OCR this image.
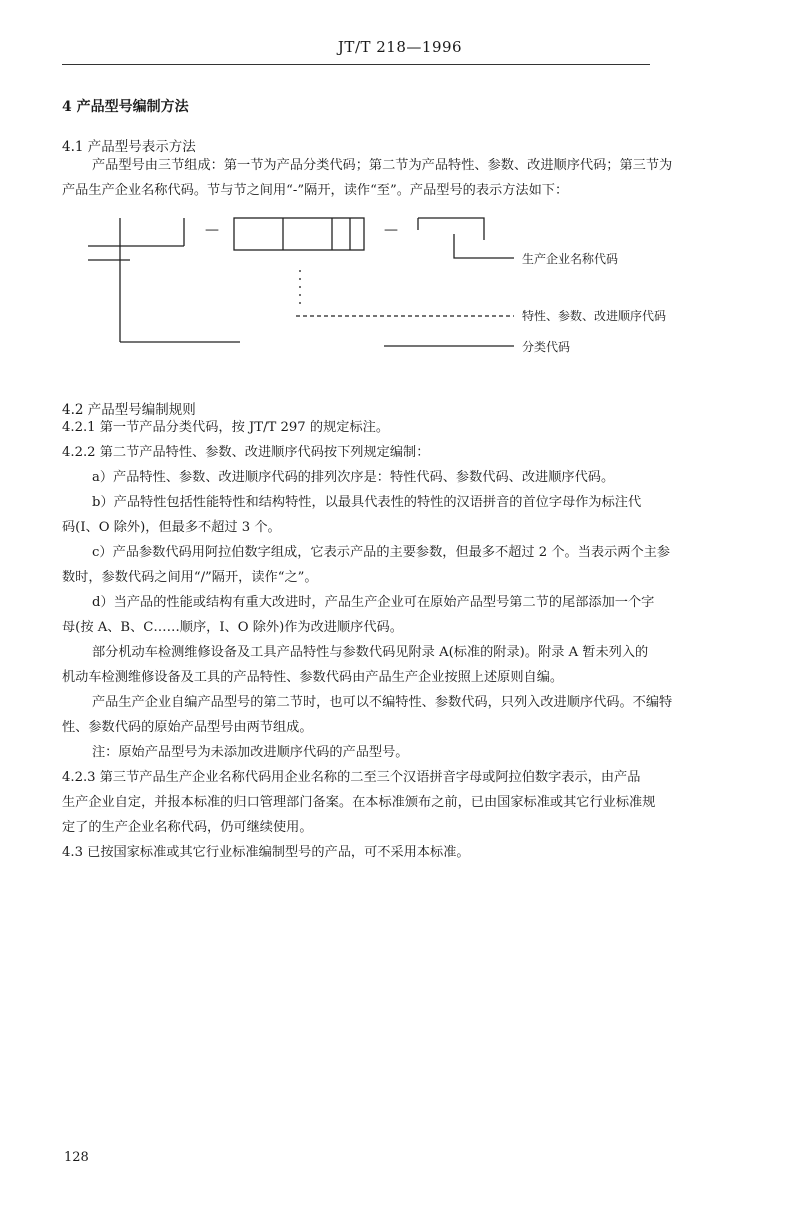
JT/T 218—1996
4 产品型号编制方法
4.1 产品型号表示方法
产品型号由三节组成：第一节为产品分类代码；第二节为产品特性、参数、改进顺序代码；第三节为
产品生产企业名称代码。节与节之间用“-”隔开，读作“至”。产品型号的表示方法如下：
—	—
生产企业名称代码
特性、参数、改进顺序代码
分类代码
4.2 产品型号编制规则
4.2.1 第一节产品分类代码，按 JT/T 297 的规定标注。
4.2.2 第二节产品特性、参数、改进顺序代码按下列规定编制：
a）产品特性、参数、改进顺序代码的排列次序是：特性代码、参数代码、改进顺序代码。
b）产品特性包括性能特性和结构特性，以最具代表性的特性的汉语拼音的首位字母作为标注代
码(I、O 除外)，但最多不超过 3 个。
c）产品参数代码用阿拉伯数字组成，它表示产品的主要参数，但最多不超过 2 个。当表示两个主参
数时，参数代码之间用“/”隔开，读作“之”。
d）当产品的性能或结构有重大改进时，产品生产企业可在原始产品型号第二节的尾部添加一个字
母(按 A、B、C……顺序，I、O 除外)作为改进顺序代码。
部分机动车检测维修设备及工具产品特性与参数代码见附录 A(标准的附录)。附录 A 暂未列入的
机动车检测维修设备及工具的产品特性、参数代码由产品生产企业按照上述原则自编。
产品生产企业自编产品型号的第二节时，也可以不编特性、参数代码，只列入改进顺序代码。不编特
性、参数代码的原始产品型号由两节组成。
注：原始产品型号为未添加改进顺序代码的产品型号。
4.2.3 第三节产品生产企业名称代码用企业名称的二至三个汉语拼音字母或阿拉伯数字表示，由产品
生产企业自定，并报本标准的归口管理部门备案。在本标准颁布之前，已由国家标准或其它行业标准规
定了的生产企业名称代码，仍可继续使用。
4.3 已按国家标准或其它行业标准编制型号的产品，可不采用本标准。
128
